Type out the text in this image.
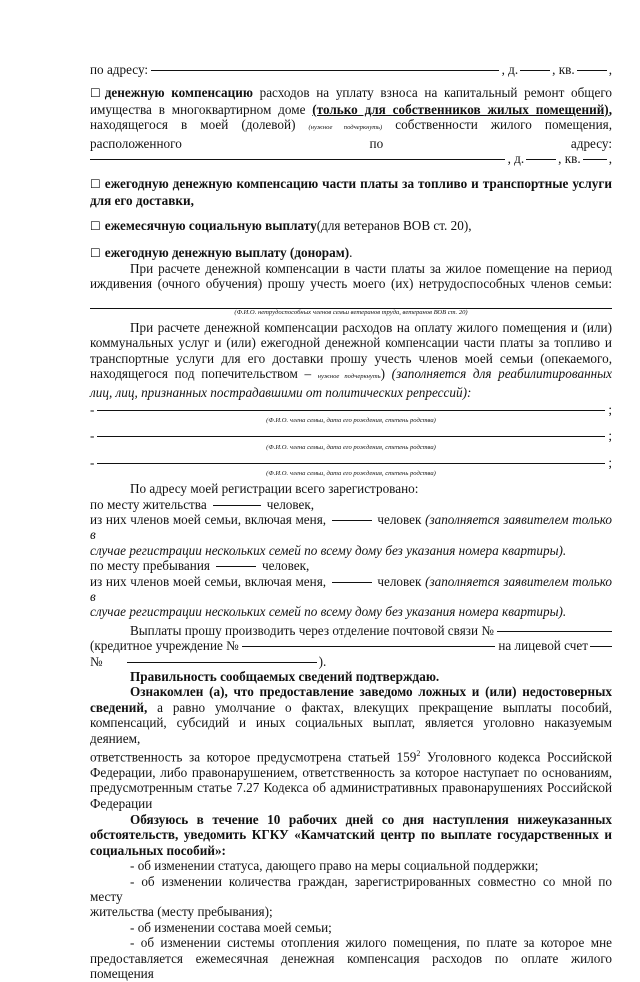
по адресу:	, д.	, кв.	,
☐ денежную компенсацию расходов на уплату взноса на капитальный ремонт общего
имущества в многоквартирном доме (только для собственников жилых помещений),
находящегося в моей (долевой) (нужное подчеркнуть) собственности жилого помещения,
расположенного	по	адресу:
, д.	, кв. ,
☐ ежегодную денежную компенсацию части платы за топливо и транспортные услуги
для его доставки,
☐ ежемесячную социальную выплату (для ветеранов ВОВ ст. 20),
☐ ежегодную денежную выплату (донорам) .
При расчете денежной компенсации в части платы за жилое помещение на период
иждивения (очного обучения) прошу учесть моего (их) нетрудоспособных членов семьи:
(Ф.И.О. нетрудоспособных членов семьи ветеранов труда, ветеранов ВОВ ст. 20)
При расчете денежной компенсации расходов на оплату жилого помещения и (или)
коммунальных услуг и (или) ежегодной денежной компенсации части платы за топливо и
транспортные услуги для его доставки прошу учесть членов моей семьи (опекаемого,
находящегося под попечительством – нужное подчеркнуть) (заполняется для реабилитированных
лиц, лиц, признанных пострадавшими от политических репрессий):
-	;
(Ф.И.О. члена семьи, дата его рождения, степень родства)
-	;
(Ф.И.О. члена семьи, дата его рождения, степень родства)
-	;
(Ф.И.О. члена семьи, дата его рождения, степень родства)
По адресу моей регистрации всего зарегистровано:
по месту жительства	человек,
из них членов моей семьи, включая меня,	человек (заполняется заявителем только в
случае регистрации нескольких семей по всему дому без указания номера квартиры).
по месту пребывания	человек,
из них членов моей семьи, включая меня,	человек (заполняется заявителем только в
случае регистрации нескольких семей по всему дому без указания номера квартиры).
Выплаты прошу производить через отделение почтовой связи №
(кредитное учреждение №	на лицевой счет
№	).
Правильность сообщаемых сведений подтверждаю.
Ознакомлен (а), что предоставление заведомо ложных и (или) недостоверных
сведений, а равно умолчание о фактах, влекущих прекращение выплаты пособий,
компенсаций, субсидий и иных социальных выплат, является уголовно наказуемым деянием,
ответственность за которое предусмотрена статьей $159^2$ Уголовного кодекса Российской
Федерации, либо правонарушением, ответственность за которое наступает по основаниям,
предусмотренным статье 7.27 Кодекса об административных правонарушениях Российской
Федерации
Обязуюсь в течение 10 рабочих дней со дня наступления нижеуказанных
обстоятельств, уведомить КГКУ «Камчатский центр по выплате государственных и
социальных пособий»:
- об изменении статуса, дающего право на меры социальной поддержки;
- об изменении количества граждан, зарегистрированных совместно со мной по месту
жительства (месту пребывания);
- об изменении состава моей семьи;
- об изменении системы отопления жилого помещения, по плате за которое мне
предоставляется ежемесячная денежная компенсация расходов по оплате жилого помещения
